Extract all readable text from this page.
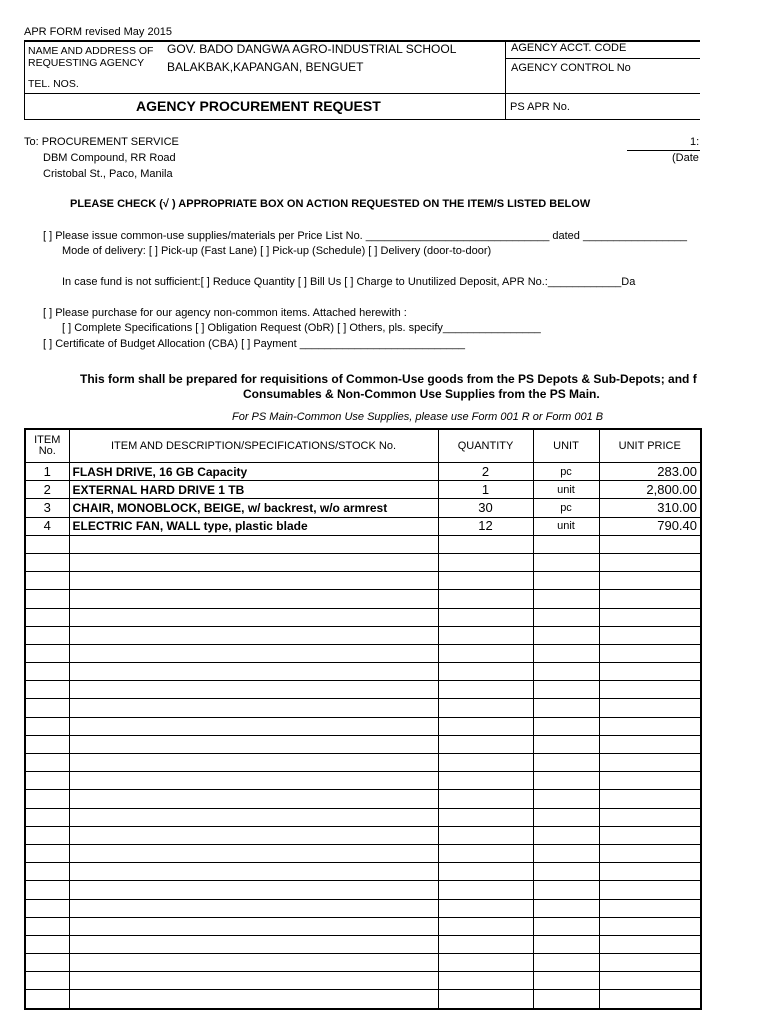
APR FORM revised May 2015
NAME AND ADDRESS OF REQUESTING AGENCY
GOV. BADO DANGWA AGRO-INDUSTRIAL SCHOOL
BALAKBAK,KAPANGAN, BENGUET
TEL. NOS.
AGENCY ACCT. CODE
AGENCY CONTROL No
AGENCY PROCUREMENT REQUEST	PS APR No.
To: PROCUREMENT SERVICE
DBM Compound, RR Road
Cristobal St., Paco, Manila
1:
(Date
PLEASE CHECK (√ ) APPROPRIATE BOX ON ACTION REQUESTED ON THE ITEM/S LISTED BELOW
[ ] Please issue common-use supplies/materials per Price List No. ______________________________ dated _________________
Mode of delivery: [ ] Pick-up (Fast Lane) [ ] Pick-up (Schedule) [ ] Delivery (door-to-door)
In case fund is not sufficient:[ ] Reduce Quantity [ ] Bill Us [ ] Charge to Unutilized Deposit, APR No.:____________Da
[ ] Please purchase for our agency non-common items. Attached herewith :
[ ] Complete Specifications [ ] Obligation Request (ObR) [ ] Others, pls. specify________________
[ ] Certificate of Budget Allocation (CBA) [ ] Payment ___________________________
This form shall be prepared for requisitions of Common-Use goods from the PS Depots & Sub-Depots; and f
Consumables & Non-Common Use Supplies from the PS Main.
For PS Main-Common Use Supplies, please use Form 001 R or Form 001 B
ITEM No.	ITEM AND DESCRIPTION/SPECIFICATIONS/STOCK No.	QUANTITY	UNIT	UNIT PRICE
1	FLASH DRIVE, 16 GB Capacity	2	pc	283.00
2	EXTERNAL HARD DRIVE 1 TB	1	unit	2,800.00
3	CHAIR, MONOBLOCK, BEIGE, w/ backrest, w/o armrest	30	pc	310.00
4	ELECTRIC FAN, WALL type, plastic blade	12	unit	790.40
